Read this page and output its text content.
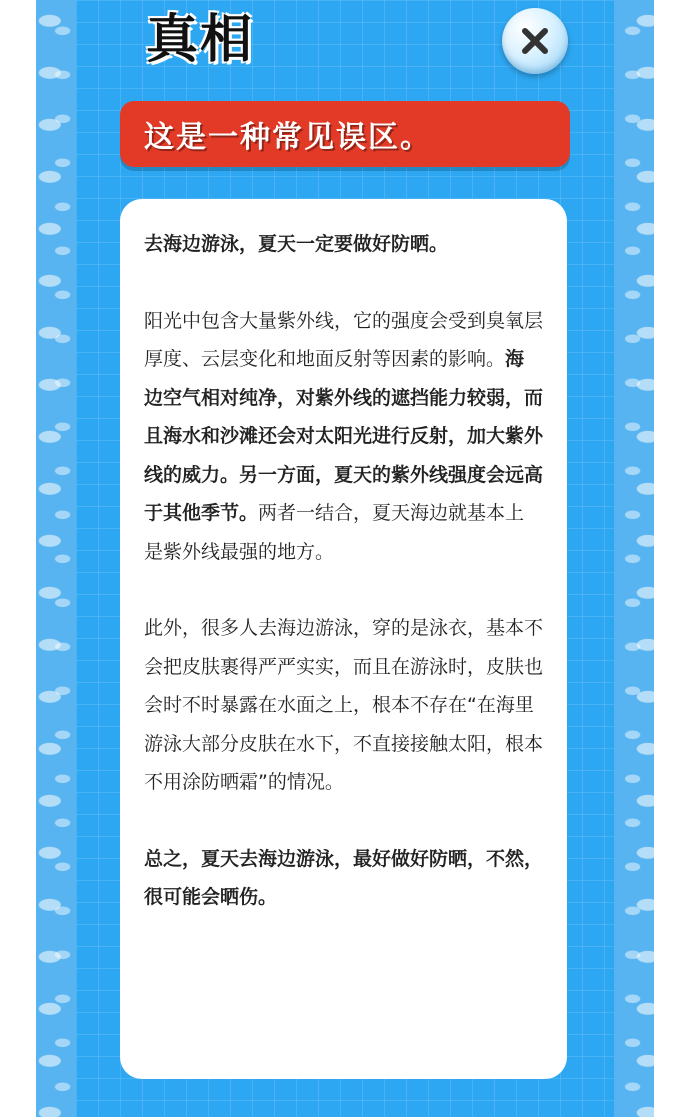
真相
这是一种常见误区。

去海边游泳，夏天一定要做好防晒。

阳光中包含大量紫外线，它的强度会受到臭氧层厚度、云层变化和地面反射等因素的影响。海边空气相对纯净，对紫外线的遮挡能力较弱，而且海水和沙滩还会对太阳光进行反射，加大紫外线的威力。另一方面，夏天的紫外线强度会远高于其他季节。两者一结合，夏天海边就基本上是紫外线最强的地方。

此外，很多人去海边游泳，穿的是泳衣，基本不会把皮肤裹得严严实实，而且在游泳时，皮肤也会时不时暴露在水面之上，根本不存在“在海里游泳大部分皮肤在水下，不直接接触太阳，根本不用涂防晒霜”的情况。

总之，夏天去海边游泳，最好做好防晒，不然，很可能会晒伤。
